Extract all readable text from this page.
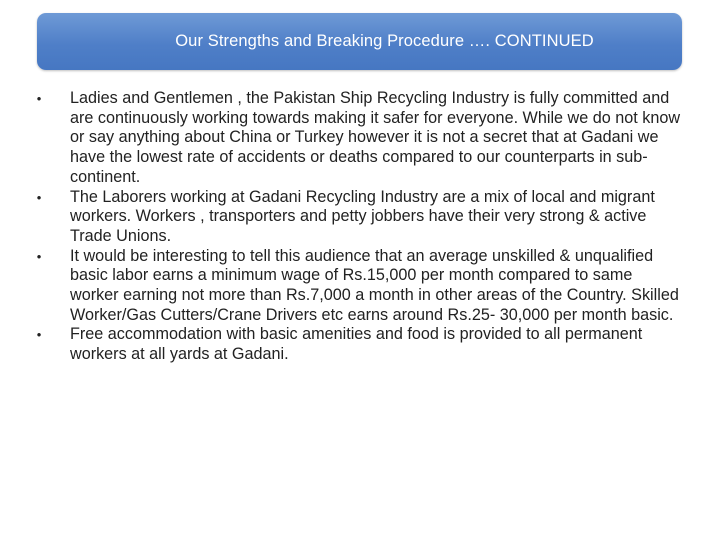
Our Strengths and Breaking Procedure …. CONTINUED
• Ladies and Gentlemen , the Pakistan Ship Recycling Industry is fully committed and are continuously working towards making it safer for everyone. While we do not know or say anything about China or Turkey however it is not a secret that at Gadani we have the lowest rate of accidents or deaths compared to our counterparts in sub-continent.
• The Laborers working at Gadani Recycling Industry are a mix of local and migrant workers. Workers , transporters and petty jobbers have their very strong & active Trade Unions.
• It would be interesting to tell this audience that an average unskilled & unqualified basic labor earns a minimum wage of Rs.15,000 per month compared to same worker earning not more than Rs.7,000 a month in other areas of the Country. Skilled Worker/Gas Cutters/Crane Drivers etc earns around Rs.25- 30,000 per month basic.
• Free accommodation with basic amenities and food is provided to all permanent workers at all yards at Gadani.
